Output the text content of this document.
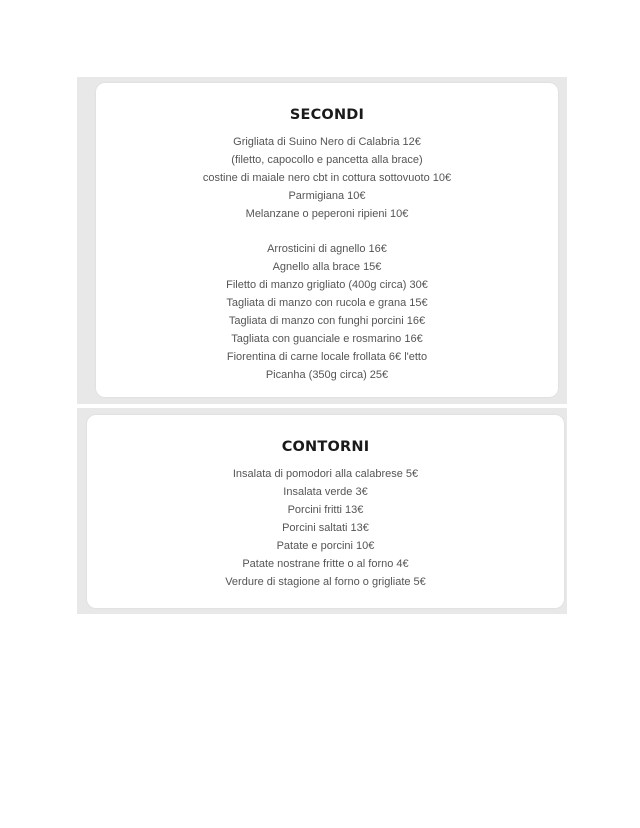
SECONDI
Grigliata di Suino Nero di Calabria 12€
(filetto, capocollo e pancetta alla brace)
costine di maiale nero cbt in cottura sottovuoto 10€
Parmigiana 10€
Melanzane o peperoni ripieni 10€
Arrosticini di agnello 16€
Agnello alla brace 15€
Filetto di manzo grigliato (400g circa) 30€
Tagliata di manzo con rucola e grana 15€
Tagliata di manzo con funghi porcini 16€
Tagliata con guanciale e rosmarino 16€
Fiorentina di carne locale frollata 6€ l'etto
Picanha (350g circa) 25€
CONTORNI
Insalata di pomodori alla calabrese 5€
Insalata verde 3€
Porcini fritti 13€
Porcini saltati 13€
Patate e porcini 10€
Patate nostrane fritte o al forno 4€
Verdure di stagione al forno o grigliate 5€
